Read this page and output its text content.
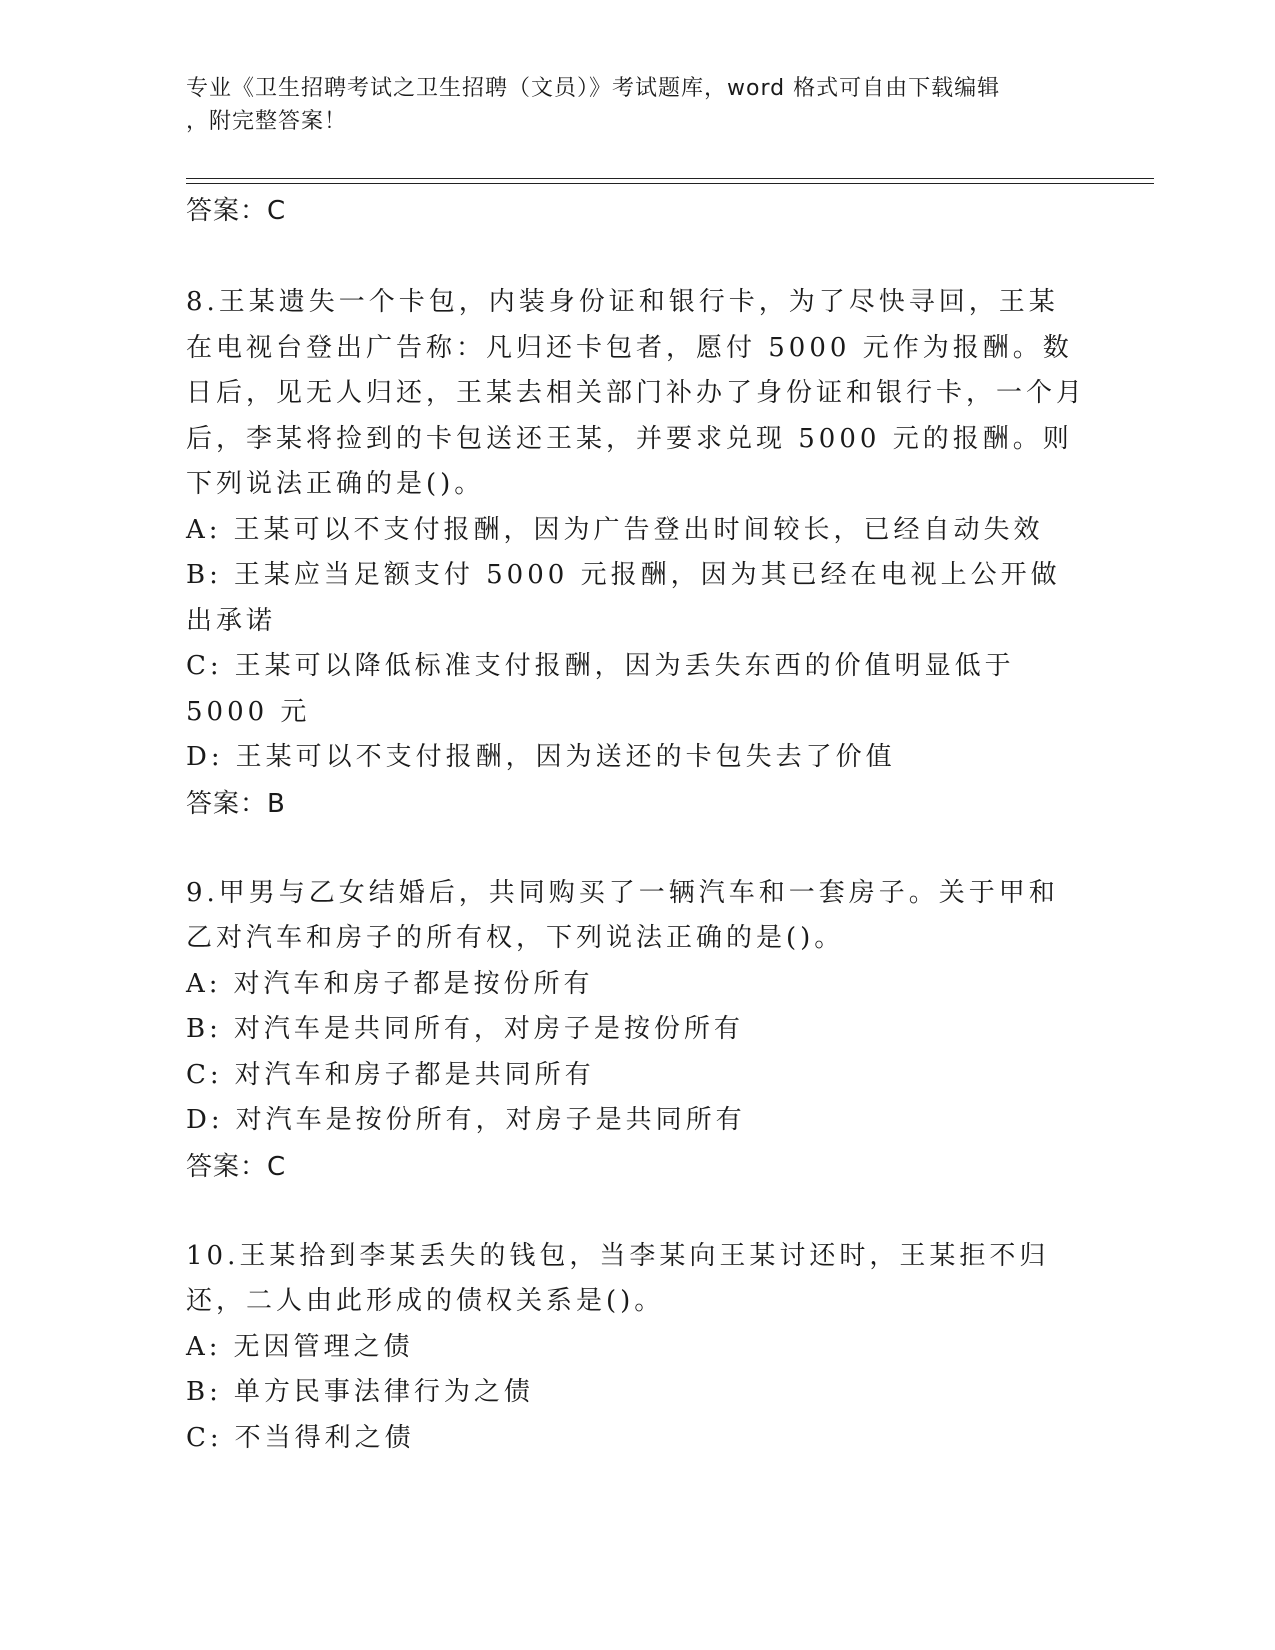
专业《卫生招聘考试之卫生招聘（文员）》考试题库，word 格式可自由下载编辑
，附完整答案！
答案：C
8.王某遗失一个卡包，内装身份证和银行卡，为了尽快寻回，王某在电视台登出广告称：凡归还卡包者，愿付 5000 元作为报酬。数日后，见无人归还，王某去相关部门补办了身份证和银行卡，一个月后，李某将捡到的卡包送还王某，并要求兑现 5000 元的报酬。则下列说法正确的是()。
A: 王某可以不支付报酬，因为广告登出时间较长，已经自动失效
B: 王某应当足额支付 5000 元报酬，因为其已经在电视上公开做出承诺
C: 王某可以降低标准支付报酬，因为丢失东西的价值明显低于 5000 元
D: 王某可以不支付报酬，因为送还的卡包失去了价值
答案：B
9.甲男与乙女结婚后，共同购买了一辆汽车和一套房子。关于甲和乙对汽车和房子的所有权，下列说法正确的是()。
A: 对汽车和房子都是按份所有
B: 对汽车是共同所有，对房子是按份所有
C: 对汽车和房子都是共同所有
D: 对汽车是按份所有，对房子是共同所有
答案：C
10.王某拾到李某丢失的钱包，当李某向王某讨还时，王某拒不归还，二人由此形成的债权关系是()。
A: 无因管理之债
B: 单方民事法律行为之债
C: 不当得利之债
